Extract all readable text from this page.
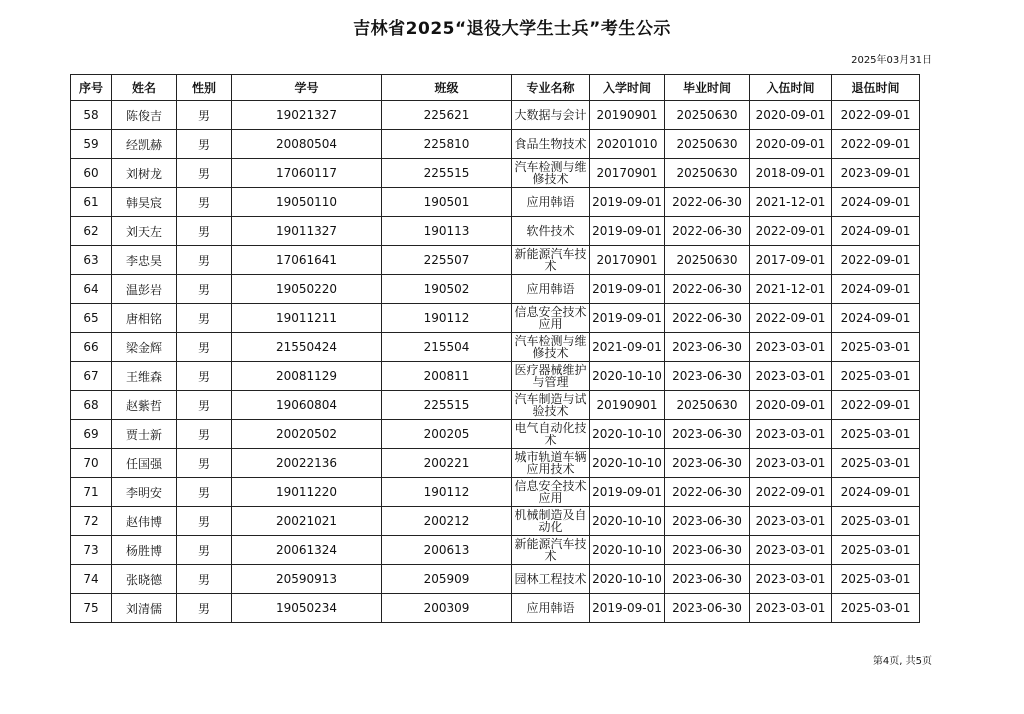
吉林省2025“退役大学生士兵”考生公示
2025年03月31日
序号	姓名	性别	学号	班级	专业名称	入学时间	毕业时间	入伍时间	退伍时间
58	陈俊吉	男	19021327	225621	大数据与会计	20190901	20250630	2020-09-01	2022-09-01
59	经凯赫	男	20080504	225810	食品生物技术	20201010	20250630	2020-09-01	2022-09-01
60	刘树龙	男	17060117	225515	汽车检测与维修技术	20170901	20250630	2018-09-01	2023-09-01
61	韩昊宸	男	19050110	190501	应用韩语	2019-09-01	2022-06-30	2021-12-01	2024-09-01
62	刘天左	男	19011327	190113	软件技术	2019-09-01	2022-06-30	2022-09-01	2024-09-01
63	李忠昊	男	17061641	225507	新能源汽车技术	20170901	20250630	2017-09-01	2022-09-01
64	温彭岩	男	19050220	190502	应用韩语	2019-09-01	2022-06-30	2021-12-01	2024-09-01
65	唐相铭	男	19011211	190112	信息安全技术应用	2019-09-01	2022-06-30	2022-09-01	2024-09-01
66	梁金辉	男	21550424	215504	汽车检测与维修技术	2021-09-01	2023-06-30	2023-03-01	2025-03-01
67	王维森	男	20081129	200811	医疗器械维护与管理	2020-10-10	2023-06-30	2023-03-01	2025-03-01
68	赵紫哲	男	19060804	225515	汽车制造与试验技术	20190901	20250630	2020-09-01	2022-09-01
69	贾士新	男	20020502	200205	电气自动化技术	2020-10-10	2023-06-30	2023-03-01	2025-03-01
70	任国强	男	20022136	200221	城市轨道车辆应用技术	2020-10-10	2023-06-30	2023-03-01	2025-03-01
71	李明安	男	19011220	190112	信息安全技术应用	2019-09-01	2022-06-30	2022-09-01	2024-09-01
72	赵伟博	男	20021021	200212	机械制造及自动化	2020-10-10	2023-06-30	2023-03-01	2025-03-01
73	杨胜博	男	20061324	200613	新能源汽车技术	2020-10-10	2023-06-30	2023-03-01	2025-03-01
74	张晓德	男	20590913	205909	园林工程技术	2020-10-10	2023-06-30	2023-03-01	2025-03-01
75	刘清儒	男	19050234	200309	应用韩语	2019-09-01	2023-06-30	2023-03-01	2025-03-01
第4页, 共5页
